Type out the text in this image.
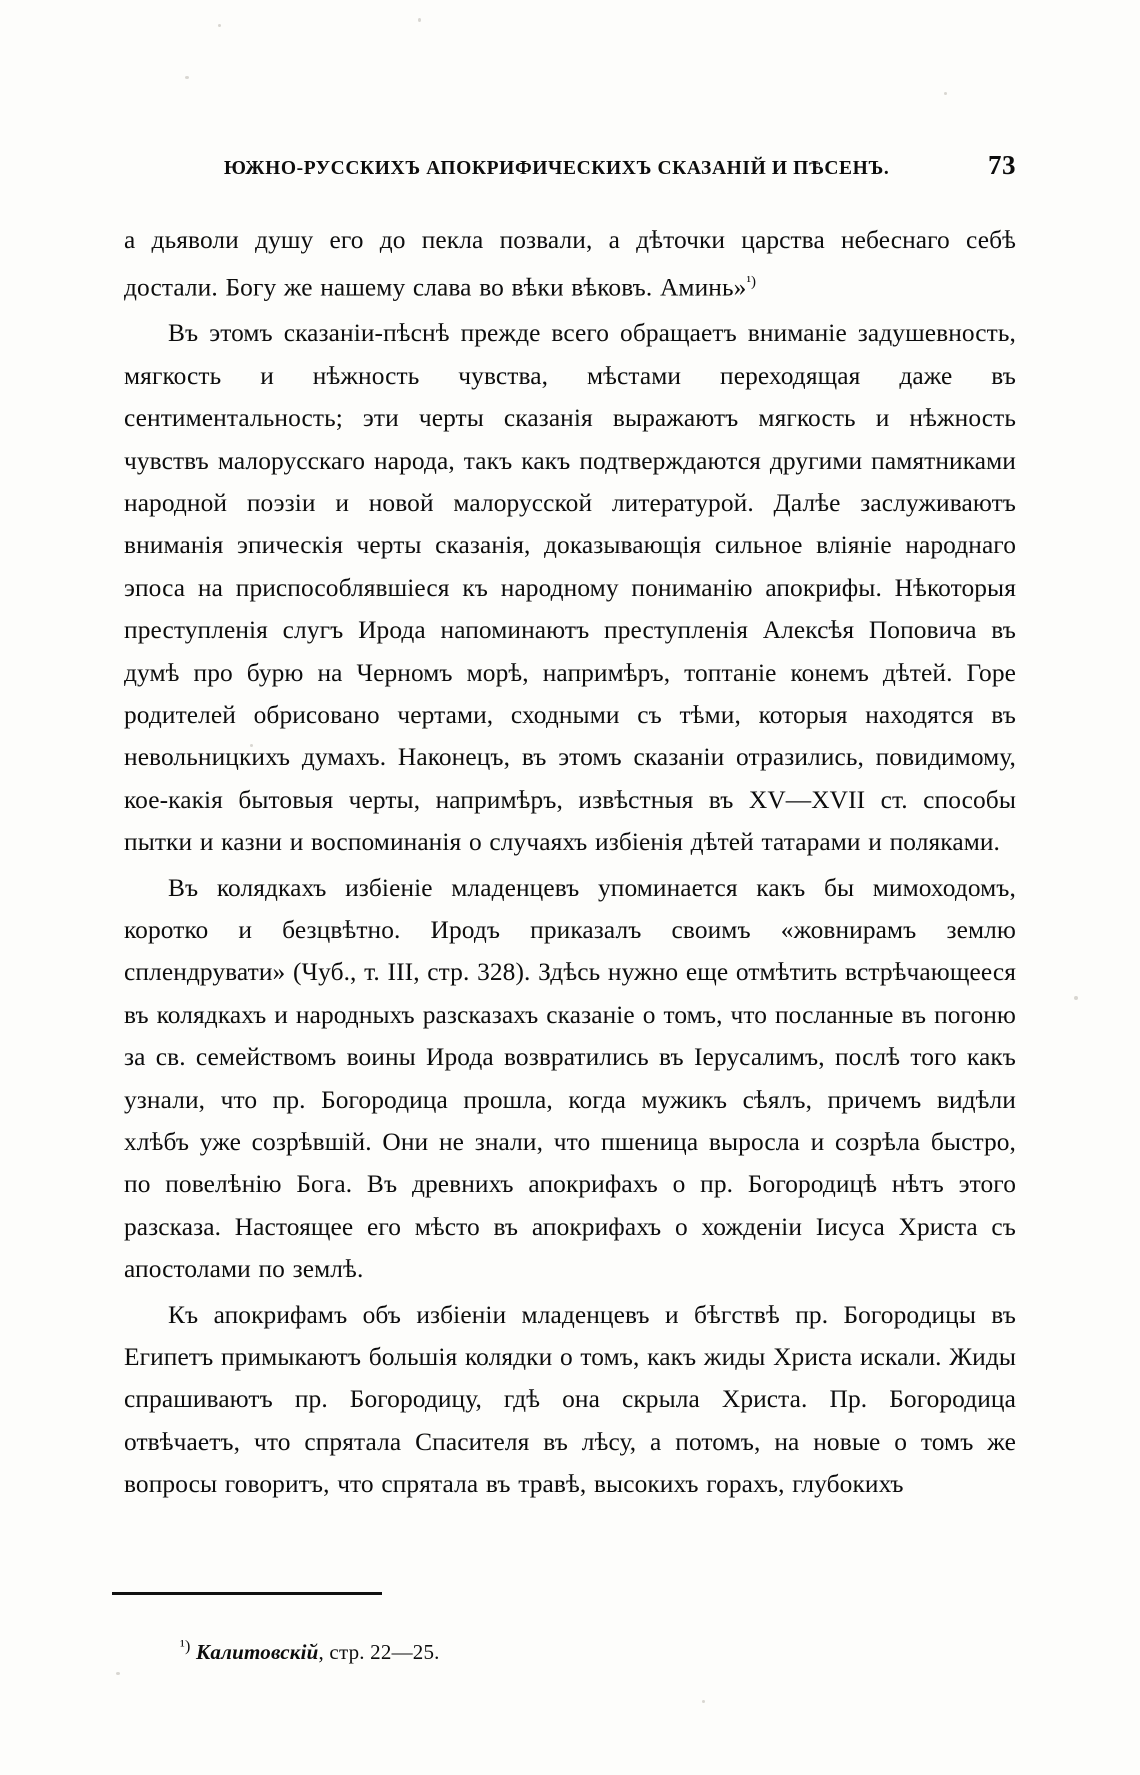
ЮЖНО-РУССКИХЪ АПОКРИФИЧЕСКИХЪ СКАЗАНІЙ И ПѢСЕНЪ.	73

а дьяволи душу его до пекла позвали, а дѣточки царства небеснаго себѣ достали. Богу же нашему слава во вѣки вѣковъ. Аминь»$^{^1)}$

Въ этомъ сказаніи-пѣснѣ прежде всего обращаетъ вниманіе задушевность, мягкость и нѣжность чувства, мѣстами переходящая даже въ сентиментальность; эти черты сказанія выражаютъ мягкость и нѣжность чувствъ малорусскаго народа, такъ какъ подтверждаются другими памятниками народной поэзіи и новой малорусской литературой. Далѣе заслуживаютъ вниманія эпическія черты сказанія, доказывающія сильное вліяніе народнаго эпоса на приспособлявшіеся къ народному пониманію апокрифы. Нѣкоторыя преступленія слугъ Ирода напоминаютъ преступленія Алексѣя Поповича въ думѣ про бурю на Черномъ морѣ, напримѣръ, топтаніе конемъ дѣтей. Горе родителей обрисовано чертами, сходными съ тѣми, которыя находятся въ невольницкихъ думахъ. Наконецъ, въ этомъ сказаніи отразились, повидимому, кое-какія бытовыя черты, напримѣръ, извѣстныя въ XV—XVII ст. способы пытки и казни и воспоминанія о случаяхъ избіенія дѣтей татарами и поляками.

Въ колядкахъ избіеніе младенцевъ упоминается какъ бы мимоходомъ, коротко и безцвѣтно. Иродъ приказалъ своимъ «жовнирамъ землю сплендрувати» (Чуб., т. III, стр. 328). Здѣсь нужно еще отмѣтить встрѣчающееся въ колядкахъ и народныхъ разсказахъ сказаніе о томъ, что посланные въ погоню за св. семействомъ воины Ирода возвратились въ Іерусалимъ, послѣ того какъ узнали, что пр. Богородица прошла, когда мужикъ сѣялъ, причемъ видѣли хлѣбъ уже созрѣвшій. Они не знали, что пшеница выросла и созрѣла быстро, по повелѣнію Бога. Въ древнихъ апокрифахъ о пр. Богородицѣ нѣтъ этого разсказа. Настоящее его мѣсто въ апокрифахъ о хожденіи Іисуса Христа съ апостолами по землѣ.

Къ апокрифамъ объ избіеніи младенцевъ и бѣгствѣ пр. Богородицы въ Египетъ примыкаютъ большія колядки о томъ, какъ жиды Христа искали. Жиды спрашиваютъ пр. Богородицу, гдѣ она скрыла Христа. Пр. Богородица отвѣчаетъ, что спрятала Спасителя въ лѣсу, а потомъ, на новые о томъ же вопросы говоритъ, что спрятала въ травѣ, высокихъ горахъ, глубокихъ

$^{^1)}$ Калитовскій, стр. 22—25.
